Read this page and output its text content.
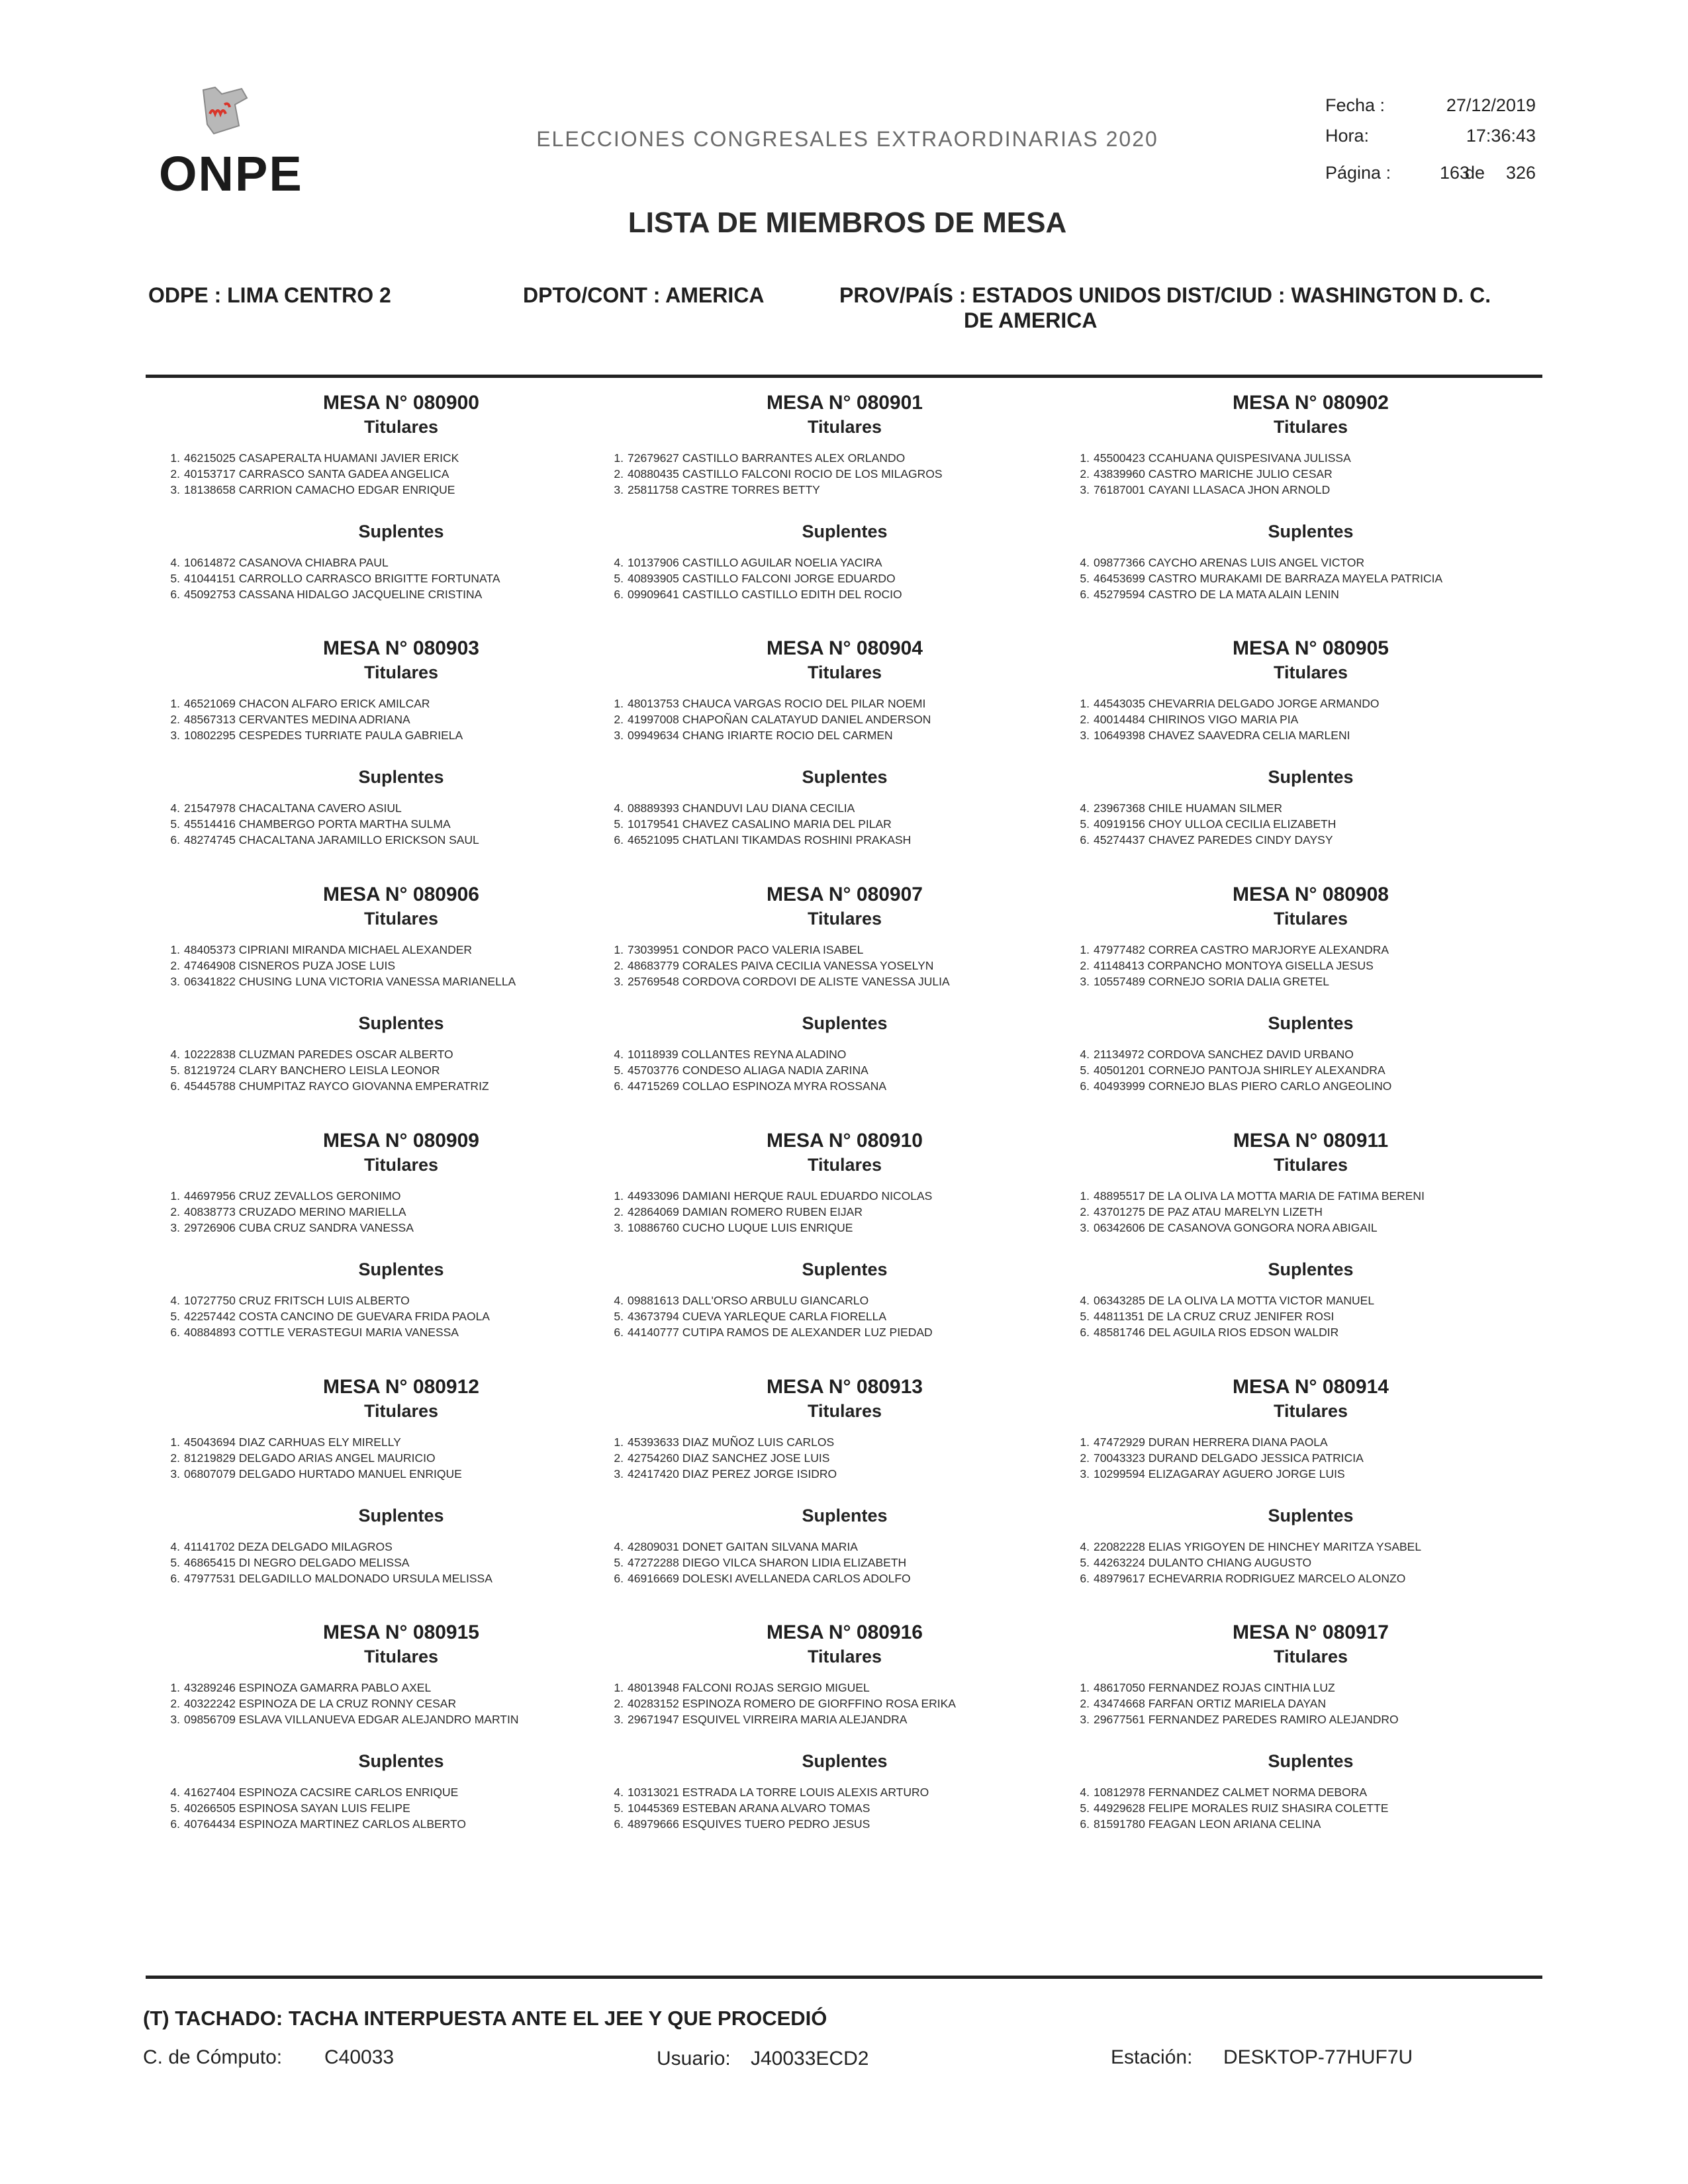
ONPE
ELECCIONES CONGRESALES EXTRAORDINARIAS 2020
Fecha :	27/12/2019
Hora:	17:36:43
Página :	163
de	326
LISTA DE MIEMBROS DE MESA
ODPE : LIMA CENTRO 2	DPTO/CONT : AMERICA	PROV/PAÍS : ESTADOS UNIDOS
DE AMERICA
DIST/CIUD : WASHINGTON D. C.
MESA N° 080900
Titulares
1. 46215025 CASAPERALTA HUAMANI JAVIER ERICK
2. 40153717 CARRASCO SANTA GADEA ANGELICA
3. 18138658 CARRION CAMACHO EDGAR ENRIQUE
Suplentes
4. 10614872 CASANOVA CHIABRA PAUL
5. 41044151 CARROLLO CARRASCO BRIGITTE FORTUNATA
6. 45092753 CASSANA HIDALGO JACQUELINE CRISTINA
MESA N° 080901
Titulares
1. 72679627 CASTILLO BARRANTES ALEX ORLANDO
2. 40880435 CASTILLO FALCONI ROCIO DE LOS MILAGROS
3. 25811758 CASTRE TORRES BETTY
Suplentes
4. 10137906 CASTILLO AGUILAR NOELIA YACIRA
5. 40893905 CASTILLO FALCONI JORGE EDUARDO
6. 09909641 CASTILLO CASTILLO EDITH DEL ROCIO
MESA N° 080902
Titulares
1. 45500423 CCAHUANA QUISPESIVANA JULISSA
2. 43839960 CASTRO MARICHE JULIO CESAR
3. 76187001 CAYANI LLASACA JHON ARNOLD
Suplentes
4. 09877366 CAYCHO ARENAS LUIS ANGEL VICTOR
5. 46453699 CASTRO MURAKAMI DE BARRAZA MAYELA PATRICIA
6. 45279594 CASTRO DE LA MATA ALAIN LENIN
MESA N° 080903
Titulares
1. 46521069 CHACON ALFARO ERICK AMILCAR
2. 48567313 CERVANTES MEDINA ADRIANA
3. 10802295 CESPEDES TURRIATE PAULA GABRIELA
Suplentes
4. 21547978 CHACALTANA CAVERO ASIUL
5. 45514416 CHAMBERGO PORTA MARTHA SULMA
6. 48274745 CHACALTANA JARAMILLO ERICKSON SAUL
MESA N° 080904
Titulares
1. 48013753 CHAUCA VARGAS ROCIO DEL PILAR NOEMI
2. 41997008 CHAPOÑAN CALATAYUD DANIEL ANDERSON
3. 09949634 CHANG IRIARTE ROCIO DEL CARMEN
Suplentes
4. 08889393 CHANDUVI LAU DIANA CECILIA
5. 10179541 CHAVEZ CASALINO MARIA DEL PILAR
6. 46521095 CHATLANI TIKAMDAS ROSHINI PRAKASH
MESA N° 080905
Titulares
1. 44543035 CHEVARRIA DELGADO JORGE ARMANDO
2. 40014484 CHIRINOS VIGO MARIA PIA
3. 10649398 CHAVEZ SAAVEDRA CELIA MARLENI
Suplentes
4. 23967368 CHILE HUAMAN SILMER
5. 40919156 CHOY ULLOA CECILIA ELIZABETH
6. 45274437 CHAVEZ PAREDES CINDY DAYSY
MESA N° 080906
Titulares
1. 48405373 CIPRIANI MIRANDA MICHAEL ALEXANDER
2. 47464908 CISNEROS PUZA JOSE LUIS
3. 06341822 CHUSING LUNA VICTORIA VANESSA MARIANELLA
Suplentes
4. 10222838 CLUZMAN PAREDES OSCAR ALBERTO
5. 81219724 CLARY BANCHERO LEISLA LEONOR
6. 45445788 CHUMPITAZ RAYCO GIOVANNA EMPERATRIZ
MESA N° 080907
Titulares
1. 73039951 CONDOR PACO VALERIA ISABEL
2. 48683779 CORALES PAIVA CECILIA VANESSA YOSELYN
3. 25769548 CORDOVA CORDOVI DE ALISTE VANESSA JULIA
Suplentes
4. 10118939 COLLANTES REYNA ALADINO
5. 45703776 CONDESO ALIAGA NADIA ZARINA
6. 44715269 COLLAO ESPINOZA MYRA ROSSANA
MESA N° 080908
Titulares
1. 47977482 CORREA CASTRO MARJORYE ALEXANDRA
2. 41148413 CORPANCHO MONTOYA GISELLA JESUS
3. 10557489 CORNEJO SORIA DALIA GRETEL
Suplentes
4. 21134972 CORDOVA SANCHEZ DAVID URBANO
5. 40501201 CORNEJO PANTOJA SHIRLEY ALEXANDRA
6. 40493999 CORNEJO BLAS PIERO CARLO ANGEOLINO
MESA N° 080909
Titulares
1. 44697956 CRUZ ZEVALLOS GERONIMO
2. 40838773 CRUZADO MERINO MARIELLA
3. 29726906 CUBA CRUZ SANDRA VANESSA
Suplentes
4. 10727750 CRUZ FRITSCH LUIS ALBERTO
5. 42257442 COSTA CANCINO DE GUEVARA FRIDA PAOLA
6. 40884893 COTTLE VERASTEGUI MARIA VANESSA
MESA N° 080910
Titulares
1. 44933096 DAMIANI HERQUE RAUL EDUARDO NICOLAS
2. 42864069 DAMIAN ROMERO RUBEN EIJAR
3. 10886760 CUCHO LUQUE LUIS ENRIQUE
Suplentes
4. 09881613 DALL'ORSO ARBULU GIANCARLO
5. 43673794 CUEVA YARLEQUE CARLA FIORELLA
6. 44140777 CUTIPA RAMOS DE ALEXANDER LUZ PIEDAD
MESA N° 080911
Titulares
1. 48895517 DE LA OLIVA LA MOTTA MARIA DE FATIMA BERENI
2. 43701275 DE PAZ ATAU MARELYN LIZETH
3. 06342606 DE CASANOVA GONGORA NORA ABIGAIL
Suplentes
4. 06343285 DE LA OLIVA LA MOTTA VICTOR MANUEL
5. 44811351 DE LA CRUZ CRUZ JENIFER ROSI
6. 48581746 DEL AGUILA RIOS EDSON WALDIR
MESA N° 080912
Titulares
1. 45043694 DIAZ CARHUAS ELY MIRELLY
2. 81219829 DELGADO ARIAS ANGEL MAURICIO
3. 06807079 DELGADO HURTADO MANUEL ENRIQUE
Suplentes
4. 41141702 DEZA DELGADO MILAGROS
5. 46865415 DI NEGRO DELGADO MELISSA
6. 47977531 DELGADILLO MALDONADO URSULA MELISSA
MESA N° 080913
Titulares
1. 45393633 DIAZ MUÑOZ LUIS CARLOS
2. 42754260 DIAZ SANCHEZ JOSE LUIS
3. 42417420 DIAZ PEREZ JORGE ISIDRO
Suplentes
4. 42809031 DONET GAITAN SILVANA MARIA
5. 47272288 DIEGO VILCA SHARON LIDIA ELIZABETH
6. 46916669 DOLESKI AVELLANEDA CARLOS ADOLFO
MESA N° 080914
Titulares
1. 47472929 DURAN HERRERA DIANA PAOLA
2. 70043323 DURAND DELGADO JESSICA PATRICIA
3. 10299594 ELIZAGARAY AGUERO JORGE LUIS
Suplentes
4. 22082228 ELIAS YRIGOYEN DE HINCHEY MARITZA YSABEL
5. 44263224 DULANTO CHIANG AUGUSTO
6. 48979617 ECHEVARRIA RODRIGUEZ MARCELO ALONZO
MESA N° 080915
Titulares
1. 43289246 ESPINOZA GAMARRA PABLO AXEL
2. 40322242 ESPINOZA DE LA CRUZ RONNY CESAR
3. 09856709 ESLAVA VILLANUEVA EDGAR ALEJANDRO MARTIN
Suplentes
4. 41627404 ESPINOZA CACSIRE CARLOS ENRIQUE
5. 40266505 ESPINOSA SAYAN LUIS FELIPE
6. 40764434 ESPINOZA MARTINEZ CARLOS ALBERTO
MESA N° 080916
Titulares
1. 48013948 FALCONI ROJAS SERGIO MIGUEL
2. 40283152 ESPINOZA ROMERO DE GIORFFINO ROSA ERIKA
3. 29671947 ESQUIVEL VIRREIRA MARIA ALEJANDRA
Suplentes
4. 10313021 ESTRADA LA TORRE LOUIS ALEXIS ARTURO
5. 10445369 ESTEBAN ARANA ALVARO TOMAS
6. 48979666 ESQUIVES TUERO PEDRO JESUS
MESA N° 080917
Titulares
1. 48617050 FERNANDEZ ROJAS CINTHIA LUZ
2. 43474668 FARFAN ORTIZ MARIELA DAYAN
3. 29677561 FERNANDEZ PAREDES RAMIRO ALEJANDRO
Suplentes
4. 10812978 FERNANDEZ CALMET NORMA DEBORA
5. 44929628 FELIPE MORALES RUIZ SHASIRA COLETTE
6. 81591780 FEAGAN LEON ARIANA CELINA
(T) TACHADO: TACHA INTERPUESTA ANTE EL JEE Y QUE PROCEDIÓ
C. de Cómputo: C40033	Usuario: J40033ECD2	Estación: DESKTOP-77HUF7U
